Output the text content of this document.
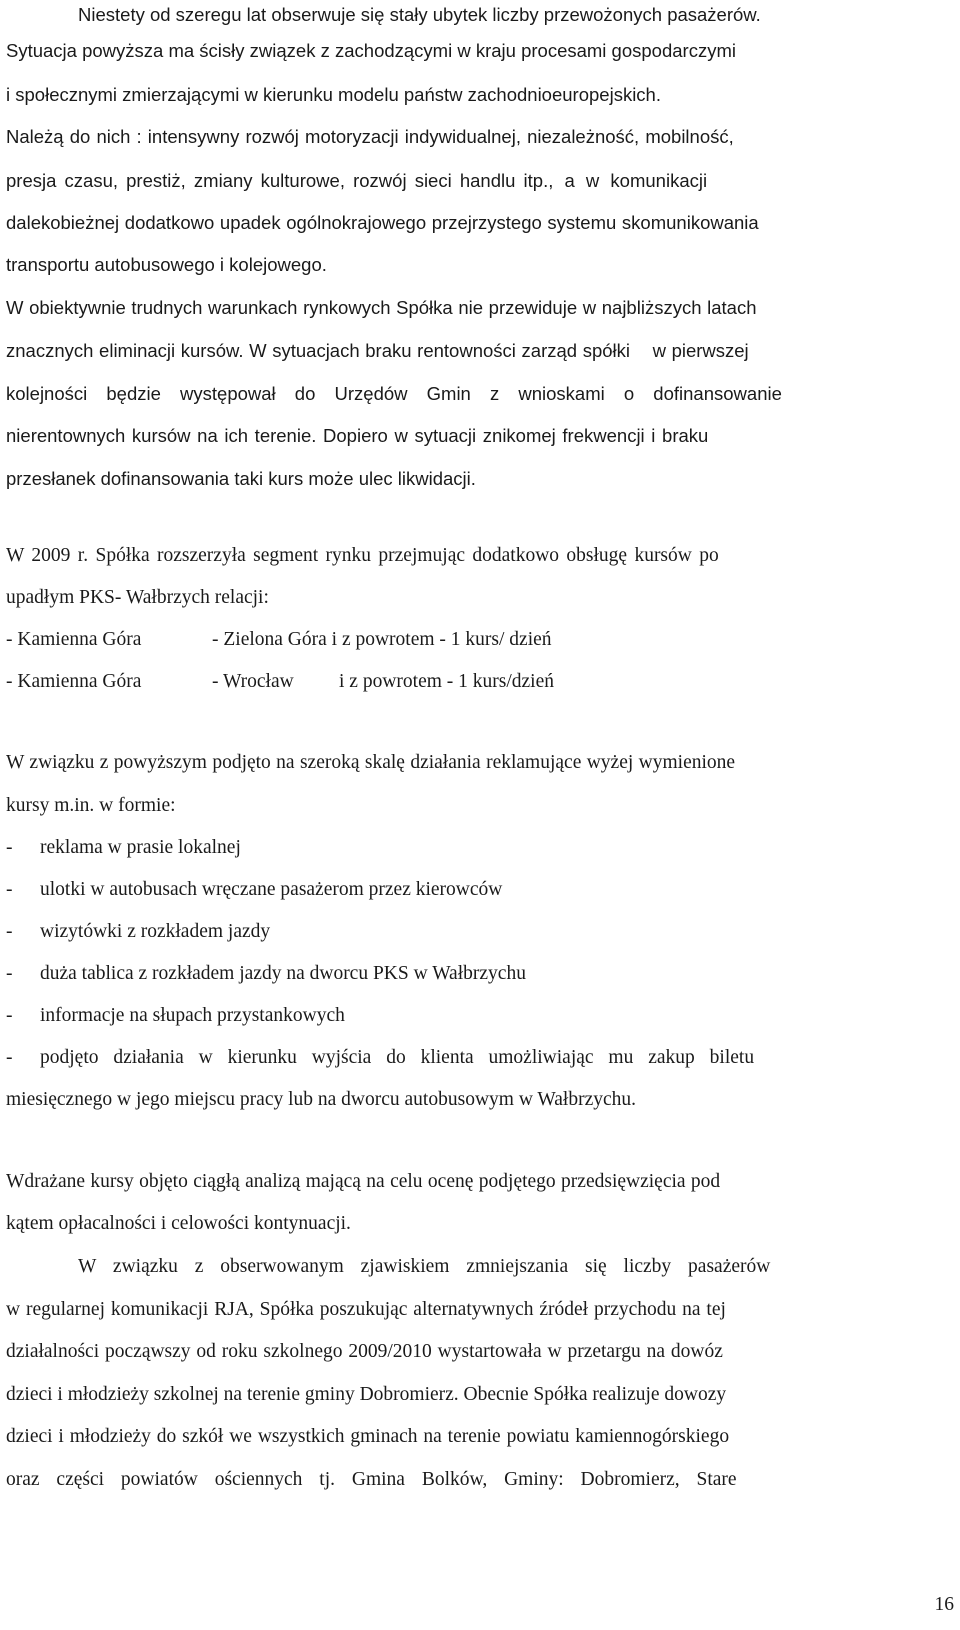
Niestety od szeregu lat obserwuje się stały ubytek liczby przewożonych pasażerów.
Sytuacja powyższa ma ścisły związek z zachodzącymi w kraju procesami gospodarczymi
i społecznymi zmierzającymi w kierunku modelu państw zachodnioeuropejskich.
Należą do nich : intensywny rozwój motoryzacji indywidualnej, niezależność, mobilność,
presja czasu, prestiż, zmiany kulturowe, rozwój sieci handlu itp., a w komunikacji
dalekobieżnej dodatkowo upadek ogólnokrajowego przejrzystego systemu skomunikowania
transportu autobusowego i kolejowego.
W obiektywnie trudnych warunkach rynkowych Spółka nie przewiduje w najbliższych latach
znacznych eliminacji kursów. W sytuacjach braku rentowności zarząd spółki    w pierwszej
kolejności będzie występował do Urzędów Gmin z wnioskami o dofinansowanie
nierentownych kursów na ich terenie. Dopiero w sytuacji znikomej frekwencji i braku
przesłanek dofinansowania taki kurs może ulec likwidacji.
W 2009 r. Spółka rozszerzyła segment rynku przejmując dodatkowo obsługę kursów po
upadłym PKS- Wałbrzych relacji:
- Kamienna Góra	- Zielona Góra i z powrotem - 1 kurs/ dzień
- Kamienna Góra	- Wrocław i z powrotem - 1 kurs/dzień
W związku z powyższym podjęto na szeroką skalę działania reklamujące wyżej wymienione
kursy m.in. w formie:
- reklama w prasie lokalnej
- ulotki w autobusach wręczane pasażerom przez kierowców
- wizytówki z rozkładem jazdy
- duża tablica z rozkładem jazdy na dworcu PKS w Wałbrzychu
- informacje na słupach przystankowych
- podjęto działania w kierunku wyjścia do klienta umożliwiając mu zakup biletu
miesięcznego w jego miejscu pracy lub na dworcu autobusowym w Wałbrzychu.
Wdrażane kursy objęto ciągłą analizą mającą na celu ocenę podjętego przedsięwzięcia pod
kątem opłacalności i celowości kontynuacji.
W związku z obserwowanym zjawiskiem zmniejszania się liczby pasażerów
w regularnej komunikacji RJA, Spółka poszukując alternatywnych źródeł przychodu na tej
działalności począwszy od roku szkolnego 2009/2010 wystartowała w przetargu na dowóz
dzieci i młodzieży szkolnej na terenie gminy Dobromierz. Obecnie Spółka realizuje dowozy
dzieci i młodzieży do szkół we wszystkich gminach na terenie powiatu kamiennogórskiego
oraz części powiatów ościennych tj. Gmina Bolków, Gminy: Dobromierz, Stare
16
